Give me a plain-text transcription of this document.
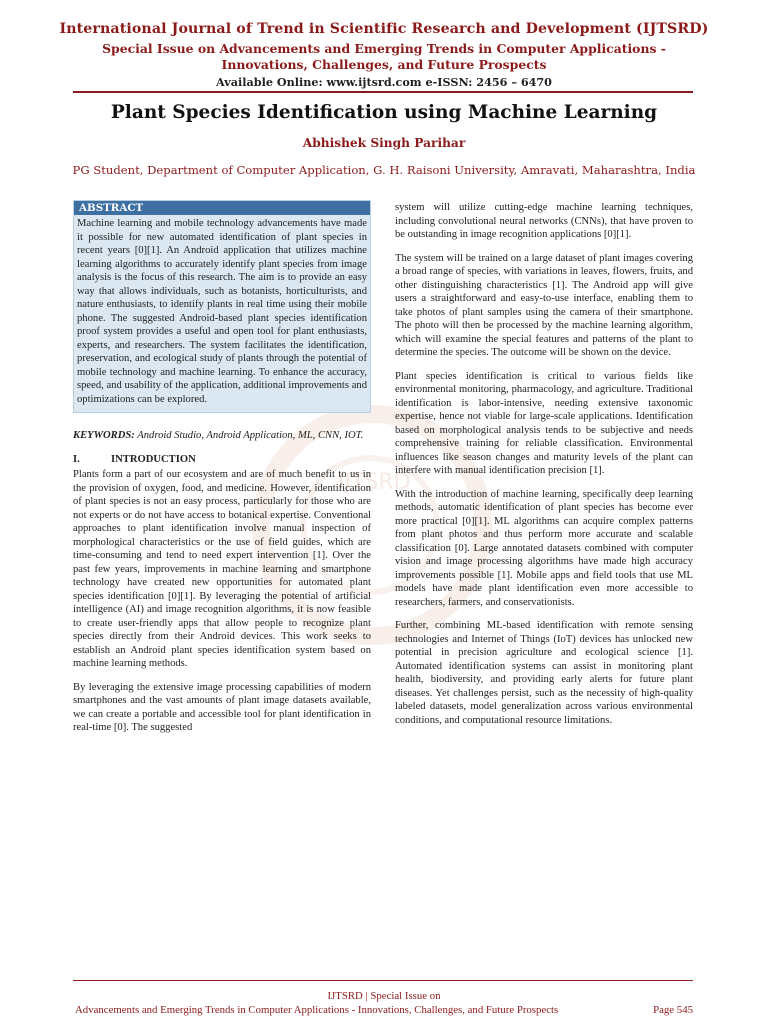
International Journal of Trend in Scientific Research and Development (IJTSRD)
Special Issue on Advancements and Emerging Trends in Computer Applications -
Innovations, Challenges, and Future Prospects
Available Online: www.ijtsrd.com e-ISSN: 2456 – 6470
Plant Species Identification using Machine Learning
Abhishek Singh Parihar
PG Student, Department of Computer Application, G. H. Raisoni University, Amravati, Maharashtra, India
IJTSRD
ABSTRACT
Machine learning and mobile technology advancements have made it possible for new automated identification of plant species in recent years [0][1]. An Android application that utilizes machine learning algorithms to accurately identify plant species from image analysis is the focus of this research. The aim is to provide an easy way that allows individuals, such as botanists, horticulturists, and nature enthusiasts, to identify plants in real time using their mobile phone. The suggested Android-based plant species identification proof system provides a useful and open tool for plant enthusiasts, experts, and researchers. The system facilitates the identification, preservation, and ecological study of plants through the potential of mobile technology and machine learning. To enhance the accuracy, speed, and usability of the application, additional improvements and optimizations can be explored.

KEYWORDS: Android Studio, Android Application, ML, CNN, IOT.

I.	INTRODUCTION

Plants form a part of our ecosystem and are of much benefit to us in the provision of oxygen, food, and medicine. However, identification of plant species is not an easy process, particularly for those who are not experts or do not have access to botanical expertise. Conventional approaches to plant identification involve manual inspection of morphological characteristics or the use of field guides, which are time-consuming and tend to need expert intervention [1]. Over the past few years, improvements in machine learning and smartphone technology have created new opportunities for automated plant species identification [0][1]. By leveraging the potential of artificial intelligence (AI) and image recognition algorithms, it is now feasible to create user-friendly apps that allow people to recognize plant species directly from their Android devices. This work seeks to establish an Android plant species identification system based on machine learning methods.

By leveraging the extensive image processing capabilities of modern smartphones and the vast amounts of plant image datasets available, we can create a portable and accessible tool for plant identification in real-time [0]. The suggested

system will utilize cutting-edge machine learning techniques, including convolutional neural networks (CNNs), that have proven to be outstanding in image recognition applications [0][1].

The system will be trained on a large dataset of plant images covering a broad range of species, with variations in leaves, flowers, fruits, and other distinguishing characteristics [1]. The Android app will give users a straightforward and easy-to-use interface, enabling them to take photos of plant samples using the camera of their smartphone. The photo will then be processed by the machine learning algorithm, which will examine the special features and patterns of the plant to determine the species. The outcome will be shown on the device.

Plant species identification is critical to various fields like environmental monitoring, pharmacology, and agriculture. Traditional identification is labor-intensive, needing extensive taxonomic expertise, hence not viable for large-scale applications. Identification based on morphological analysis tends to be subjective and needs comprehensive training for reliable classification. Environmental influences like season changes and maturity levels of the plant can interfere with manual identification precision [1].

With the introduction of machine learning, specifically deep learning methods, automatic identification of plant species has become ever more practical [0][1]. ML algorithms can acquire complex patterns from plant photos and thus perform more accurate and scalable classification [0]. Large annotated datasets combined with computer vision and image processing algorithms have made high accuracy improvements possible [1]. Mobile apps and field tools that use ML models have made plant identification even more accessible to researchers, farmers, and conservationists.

Further, combining ML-based identification with remote sensing technologies and Internet of Things (IoT) devices has unlocked new potential in precision agriculture and ecological science [1]. Automated identification systems can assist in monitoring plant health, biodiversity, and providing early alerts for future plant diseases. Yet challenges persist, such as the necessity of high-quality labeled datasets, model generalization across various environmental conditions, and computational resource limitations.

IJTSRD | Special Issue on
Advancements and Emerging Trends in Computer Applications - Innovations, Challenges, and Future Prospects	Page 545
